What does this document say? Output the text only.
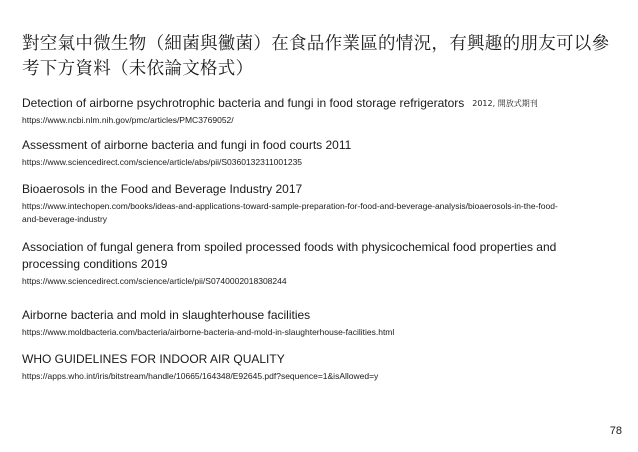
對空氣中微生物（細菌與黴菌）在食品作業區的情況，有興趣的朋友可以參考下方資料（未依論文格式）
Detection of airborne psychrotrophic bacteria and fungi in food storage refrigerators 2012, 開放式期刊
https://www.ncbi.nlm.nih.gov/pmc/articles/PMC3769052/
Assessment of airborne bacteria and fungi in food courts 2011
https://www.sciencedirect.com/science/article/abs/pii/S0360132311001235
Bioaerosols in the Food and Beverage Industry 2017
https://www.intechopen.com/books/ideas-and-applications-toward-sample-preparation-for-food-and-beverage-analysis/bioaerosols-in-the-food-and-beverage-industry
Association of fungal genera from spoiled processed foods with physicochemical food properties and processing conditions 2019
https://www.sciencedirect.com/science/article/pii/S0740002018308244
Airborne bacteria and mold in slaughterhouse facilities
https://www.moldbacteria.com/bacteria/airborne-bacteria-and-mold-in-slaughterhouse-facilities.html
WHO GUIDELINES FOR INDOOR AIR QUALITY
https://apps.who.int/iris/bitstream/handle/10665/164348/E92645.pdf?sequence=1&isAllowed=y
78
